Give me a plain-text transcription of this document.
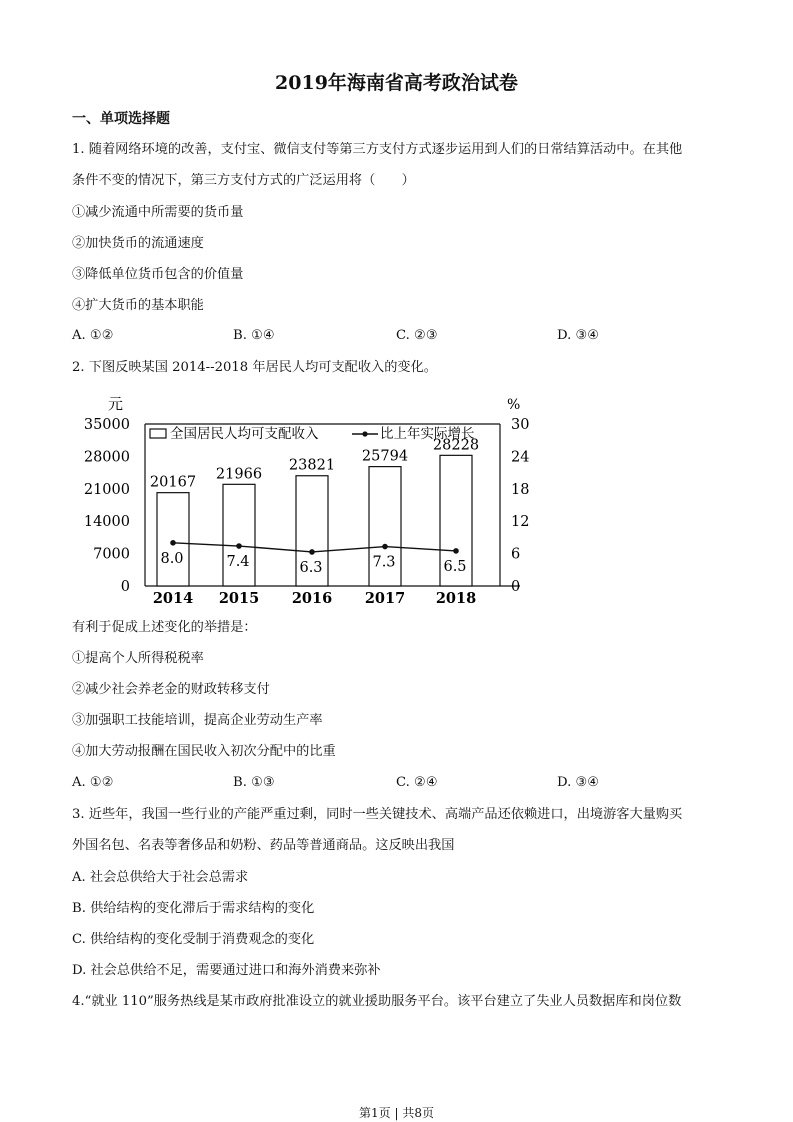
2019年海南省高考政治试卷
一、单项选择题
1. 随着网络环境的改善，支付宝、微信支付等第三方支付方式逐步运用到人们的日常结算活动中。在其他
条件不变的情况下，第三方支付方式的广泛运用将（　　）
①减少流通中所需要的货币量
②加快货币的流通速度
③降低单位货币包含的价值量
④扩大货币的基本职能
A. ①②	B. ①④	C. ②③	D. ③④
2. 下图反映某国 2014--2018 年居民人均可支配收入的变化。
元	%
全国居民人均可支配收入	比上年实际增长
35000
28000
21000
14000
7000
0
30
24
18
12
6
0
20167
2014
21966
2015
23821
2016
25794
2017
28228
2018
8.0	7.4	6.3	7.3	6.5
有利于促成上述变化的举措是：
①提高个人所得税税率
②减少社会养老金的财政转移支付
③加强职工技能培训，提高企业劳动生产率
④加大劳动报酬在国民收入初次分配中的比重
A. ①②	B. ①③	C. ②④	D. ③④
3. 近些年，我国一些行业的产能严重过剩，同时一些关键技术、高端产品还依赖进口，出境游客大量购买
外国名包、名表等奢侈品和奶粉、药品等普通商品。这反映出我国
A. 社会总供给大于社会总需求
B. 供给结构的变化滞后于需求结构的变化
C. 供给结构的变化受制于消费观念的变化
D. 社会总供给不足，需要通过进口和海外消费来弥补
4.“就业 110”服务热线是某市政府批准设立的就业援助服务平台。该平台建立了失业人员数据库和岗位数
第1页 | 共8页
